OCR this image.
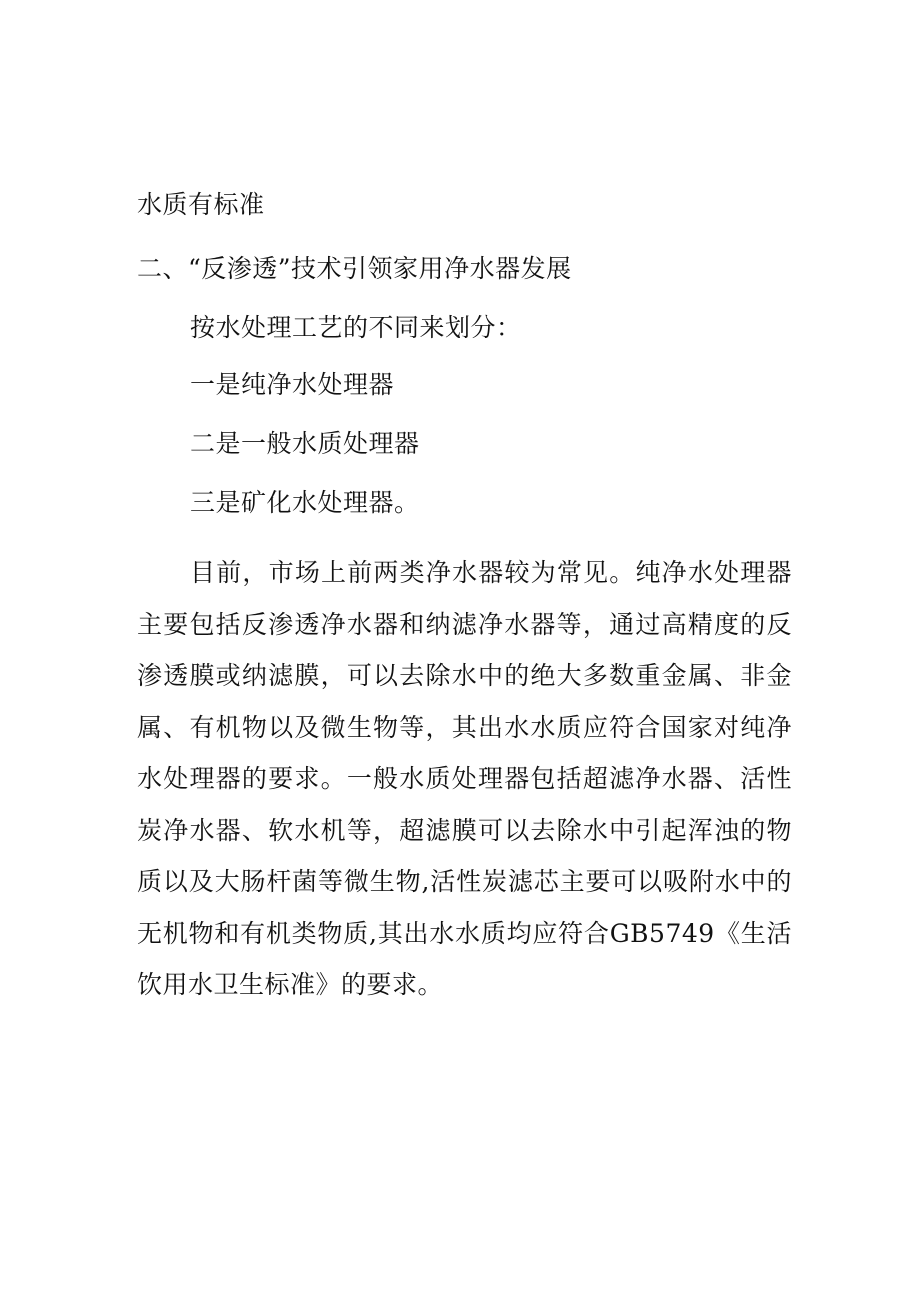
水质有标准
二、“反渗透”技术引领家用净水器发展
按水处理工艺的不同来划分：
一是纯净水处理器
二是一般水质处理器
三是矿化水处理器。
目前，市场上前两类净水器较为常见。纯净水处理器主要包括反渗透净水器和纳滤净水器等，通过高精度的反渗透膜或纳滤膜，可以去除水中的绝大多数重金属、非金属、有机物以及微生物等，其出水水质应符合国家对纯净水处理器的要求。一般水质处理器包括超滤净水器、活性炭净水器、软水机等，超滤膜可以去除水中引起浑浊的物质以及大肠杆菌等微生物,活性炭滤芯主要可以吸附水中的无机物和有机类物质,其出水水质均应符合GB5749《生活饮用水卫生标准》的要求。
